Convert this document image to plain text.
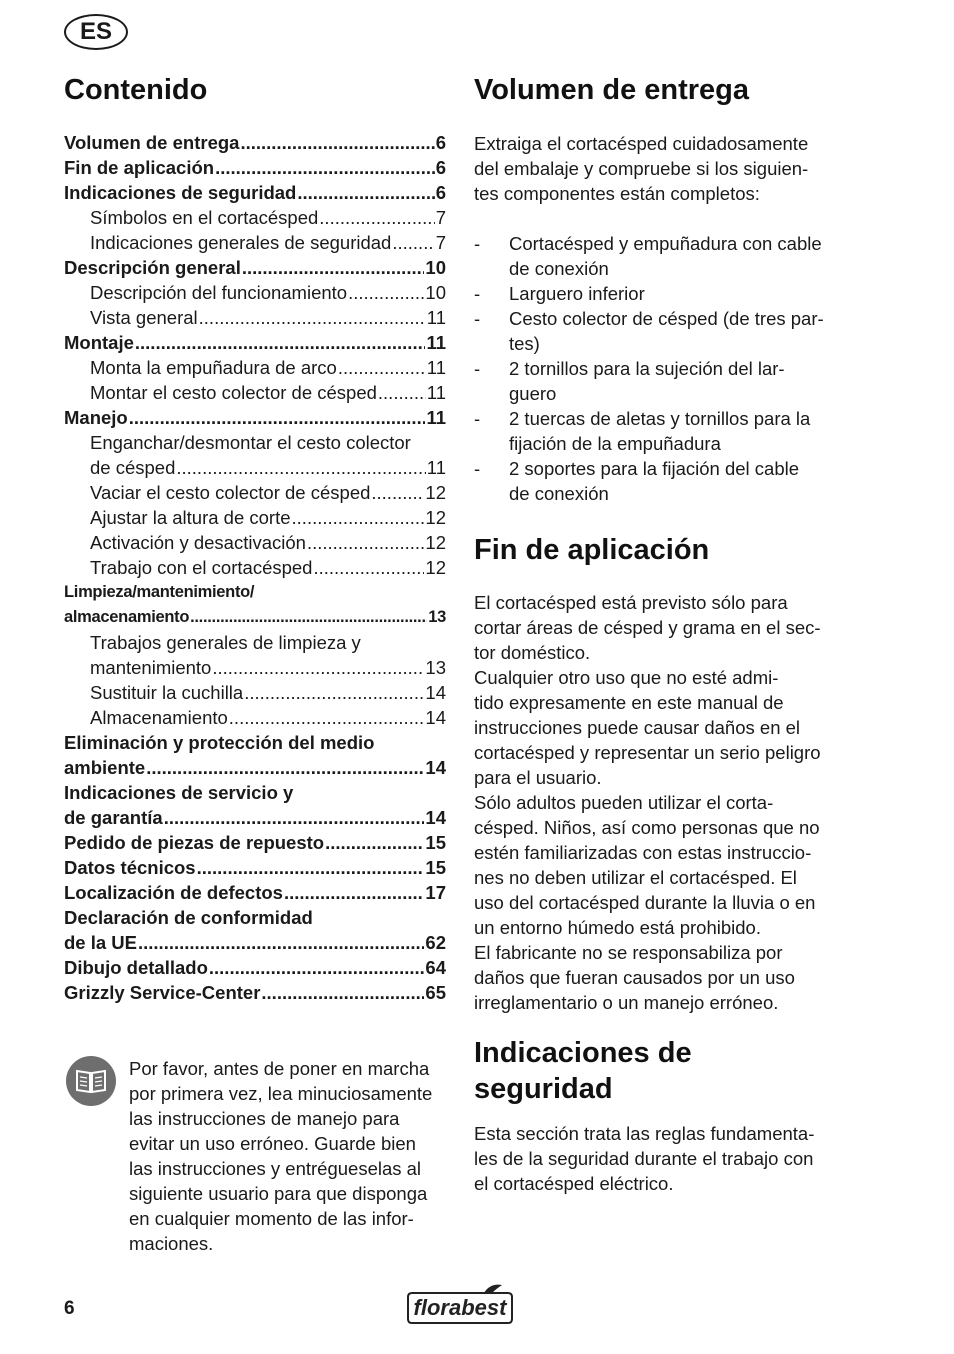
ES
Contenido
Volumen de entrega .....	6
Fin de aplicación .....	6
Indicaciones de seguridad .....	6
Símbolos en el cortacésped .....	7
Indicaciones generales de seguridad ..... 7
Descripción general .....	10
Descripción del funcionamiento .....	10
Vista general .....	11
Montaje .....	11
Monta la empuñadura de arco .....	11
Montar el cesto colector de césped .....	11
Manejo .....	11
Enganchar/desmontar el cesto colector
de césped .....	11
Vaciar el cesto colector de césped .....	12
Ajustar la altura de corte .....	12
Activación y desactivación .....	12
Trabajo con el cortacésped .....	12
Limpieza/mantenimiento/
almacenamiento .....	13
Trabajos generales de limpieza y
mantenimiento .....	13
Sustituir la cuchilla .....	14
Almacenamiento .....	14
Eliminación y protección del medio
ambiente .....	14
Indicaciones de servicio y
de garantía .....	14
Pedido de piezas de repuesto .....	15
Datos técnicos .....	15
Localización de defectos .....	17
Declaración de conformidad
de la UE .....	62
Dibujo detallado .....	64
Grizzly Service-Center .....	65
Por favor, antes de poner en marcha
por primera vez, lea minuciosamente
las instrucciones de manejo para
evitar un uso erróneo. Guarde bien
las instrucciones y entrégueselas al
siguiente usuario para que disponga
en cualquier momento de las infor-
maciones.
Volumen de entrega
Extraiga el cortacésped cuidadosamente
del embalaje y compruebe si los siguien-
tes componentes están completos:
- Cortacésped y empuñadura con cable
de conexión
- Larguero inferior
- Cesto colector de césped (de tres par-
tes)
- 2 tornillos para la sujeción del lar-
guero
- 2 tuercas de aletas y tornillos para la
fijación de la empuñadura
- 2 soportes para la fijación del cable
de conexión
Fin de aplicación
El cortacésped está previsto sólo para
cortar áreas de césped y grama en el sec-
tor doméstico.
Cualquier otro uso que no esté admi-
tido expresamente en este manual de
instrucciones puede causar daños en el
cortacésped y representar un serio peligro
para el usuario.
Sólo adultos pueden utilizar el corta-
césped. Niños, así como personas que no
estén familiarizadas con estas instruccio-
nes no deben utilizar el cortacésped. El
uso del cortacésped durante la lluvia o en
un entorno húmedo está prohibido.
El fabricante no se responsabiliza por
daños que fueran causados por un uso
irreglamentario o un manejo erróneo.
Indicaciones de
seguridad
Esta sección trata las reglas fundamenta-
les de la seguridad durante el trabajo con
el cortacésped eléctrico.
6	florabest
